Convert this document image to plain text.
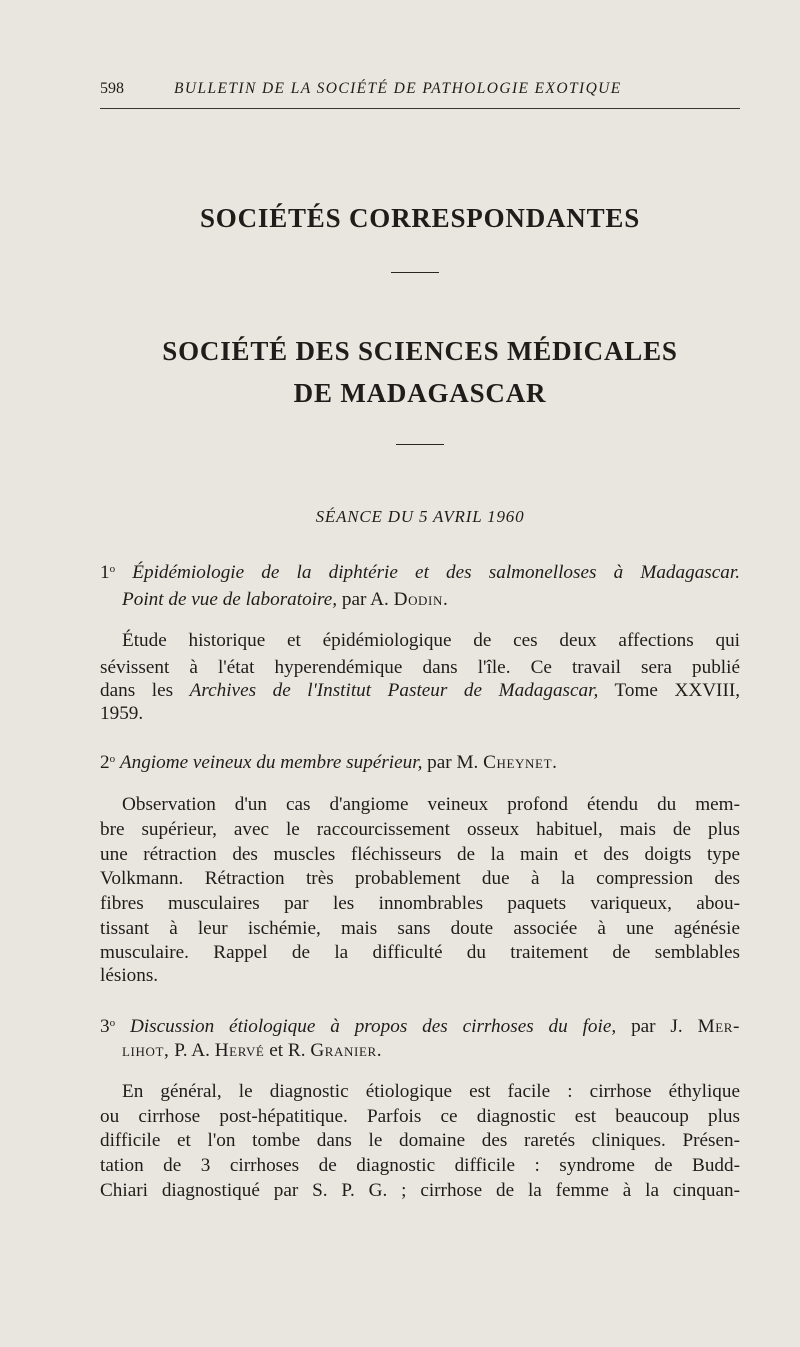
598	BULLETIN DE LA SOCIÉTÉ DE PATHOLOGIE EXOTIQUE
SOCIÉTÉS CORRESPONDANTES
SOCIÉTÉ DES SCIENCES MÉDICALES
DE MADAGASCAR
SÉANCE DU 5 AVRIL 1960
1$^o$ Épidémiologie de la diphtérie et des salmonelloses à Madagascar.
Point de vue de laboratoire, par A. Dodin.
Étude historique et épidémiologique de ces deux affections qui
sévissent à l'état hyperendémique dans l'île. Ce travail sera publié
dans les Archives de l'Institut Pasteur de Madagascar, Tome XXVIII,
1959.
2$^o$ Angiome veineux du membre supérieur, par M. Cheynet.
Observation d'un cas d'angiome veineux profond étendu du mem-
bre supérieur, avec le raccourcissement osseux habituel, mais de plus
une rétraction des muscles fléchisseurs de la main et des doigts type
Volkmann. Rétraction très probablement due à la compression des
fibres musculaires par les innombrables paquets variqueux, abou-
tissant à leur ischémie, mais sans doute associée à une agénésie
musculaire. Rappel de la difficulté du traitement de semblables
lésions.
3$^o$ Discussion étiologique à propos des cirrhoses du foie, par J. Mer-
lihot, P. A. Hervé et R. Granier.
En général, le diagnostic étiologique est facile : cirrhose éthylique
ou cirrhose post-hépatitique. Parfois ce diagnostic est beaucoup plus
difficile et l'on tombe dans le domaine des raretés cliniques. Présen-
tation de 3 cirrhoses de diagnostic difficile : syndrome de Budd-
Chiari diagnostiqué par S. P. G. ; cirrhose de la femme à la cinquan-
